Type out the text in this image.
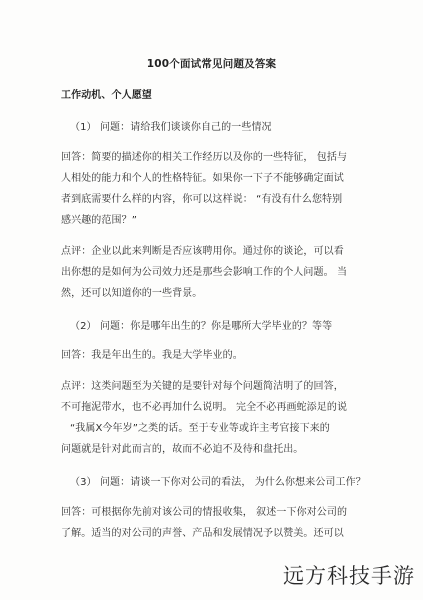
100个面试常见问题及答案
工作动机、个人愿望
（1） 问题：请给我们谈谈你自己的一些情况
回答：简要的描述你的相关工作经历以及你的一些特征， 包括与
人相处的能力和个人的性格特征。如果你一下子不能够确定面试
者到底需要什么样的内容，你可以这样说： “有没有什么您特别
感兴趣的范围？”
点评：企业以此来判断是否应该聘用你。通过你的谈论，可以看
出你想的是如何为公司效力还是那些会影响工作的个人问题。 当
然，还可以知道你的一些背景。
（2） 问题：你是哪年出生的？你是哪所大学毕业的？等等
回答：我是年出生的。我是大学毕业的。
点评：这类问题至为关键的是要针对每个问题简洁明了的回答，
不可拖泥带水，也不必再加什么说明。 完全不必再画蛇添足的说
“我属X今年岁”之类的话。至于专业等或许主考官接下来的
问题就是针对此而言的，故而不必迫不及待和盘托出。
（3） 问题：请谈一下你对公司的看法， 为什么你想来公司工作？
回答：可根据你先前对该公司的情报收集， 叙述一下你对公司的
了解。适当的对公司的声誉、产品和发展情况予以赞美。还可以
远方科技手游
